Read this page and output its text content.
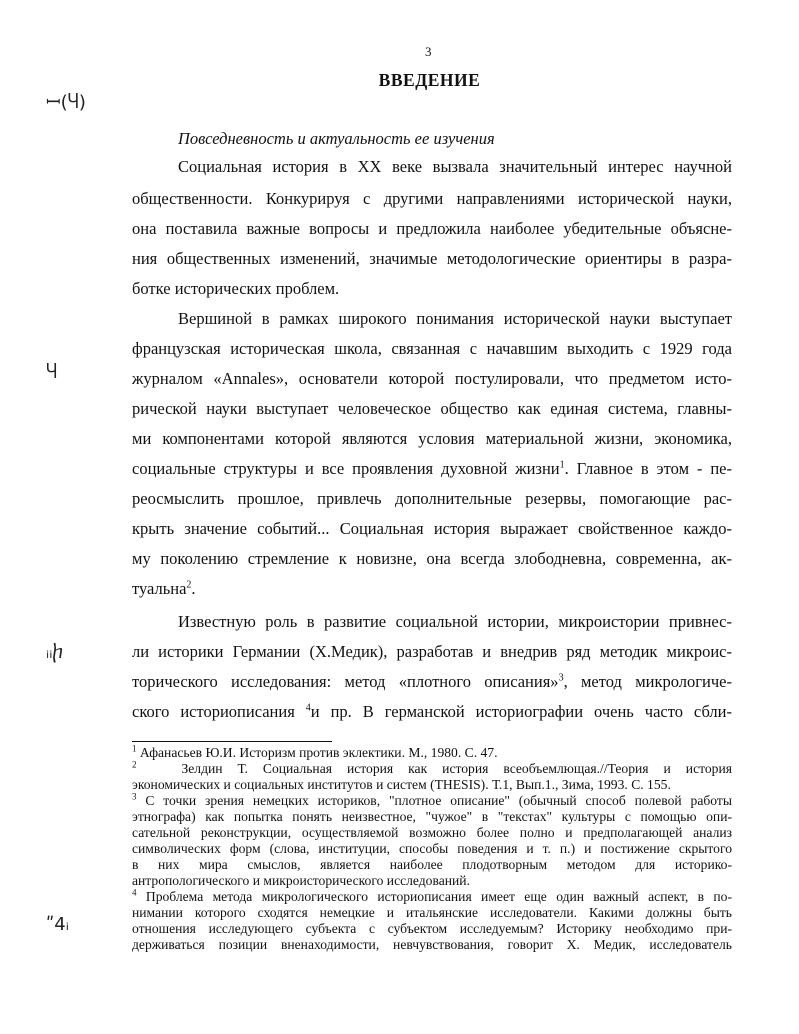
3
ВВЕДЕНИЕ
Повседневность и актуальность ее изучения
ꟷ(Ⴗ)
Ⴗ
ᵢᵢⴙ
ʺ4ᵢ
Социальная история в XX веке вызвала значительный интерес научной
общественности. Конкурируя с другими направлениями исторической науки,
она поставила важные вопросы и предложила наиболее убедительные объясне-
ния общественных изменений, значимые методологические ориентиры в разра-
ботке исторических проблем.
Вершиной в рамках широкого понимания исторической науки выступает
французская историческая школа, связанная с начавшим выходить с 1929 года
журналом «Annales», основатели которой постулировали, что предметом исто-
рической науки выступает человеческое общество как единая система, главны-
ми компонентами которой являются условия материальной жизни, экономика,
социальные структуры и все проявления духовной жизни$^1$. Главное в этом - пе-
реосмыслить прошлое, привлечь дополнительные резервы, помогающие рас-
крыть значение событий... Социальная история выражает свойственное каждо-
му поколению стремление к новизне, она всегда злободневна, современна, ак-
туальна$^2$.
Известную роль в развитие социальной истории, микроистории привнес-
ли историки Германии (Х.Медик), разработав и внедрив ряд методик микроис-
торического исследования: метод «плотного описания»$^3$, метод микрологиче-
ского историописания $^4$и пр. В германской историографии очень часто сбли-
$^1$ Афанасьев Ю.И. Историзм против эклектики. М., 1980. С. 47.
$^2$	Зелдин Т. Социальная история как история всеобъемлющая.//Теория и история
экономических и социальных институтов и систем (THESIS). Т.1, Вып.1., Зима, 1993. С. 155.
$^3$ С точки зрения немецких историков, "плотное описание" (обычный способ полевой работы
этнографа) как попытка понять неизвестное, "чужое" в "текстах" культуры с помощью опи-
сательной реконструкции, осуществляемой возможно более полно и предполагающей анализ
символических форм (слова, институции, способы поведения и т. п.) и постижение скрытого
в них мира смыслов, является наиболее плодотворным методом для историко-
антропологического и микроисторического исследований.
$^4$ Проблема метода микрологического историописания имеет еще один важный аспект, в по-
нимании которого сходятся немецкие и итальянские исследователи. Какими должны быть
отношения исследующего субъекта с субъектом исследуемым? Историку необходимо при-
держиваться позиции вненаходимости, невчувствования, говорит Х. Медик, исследователь
